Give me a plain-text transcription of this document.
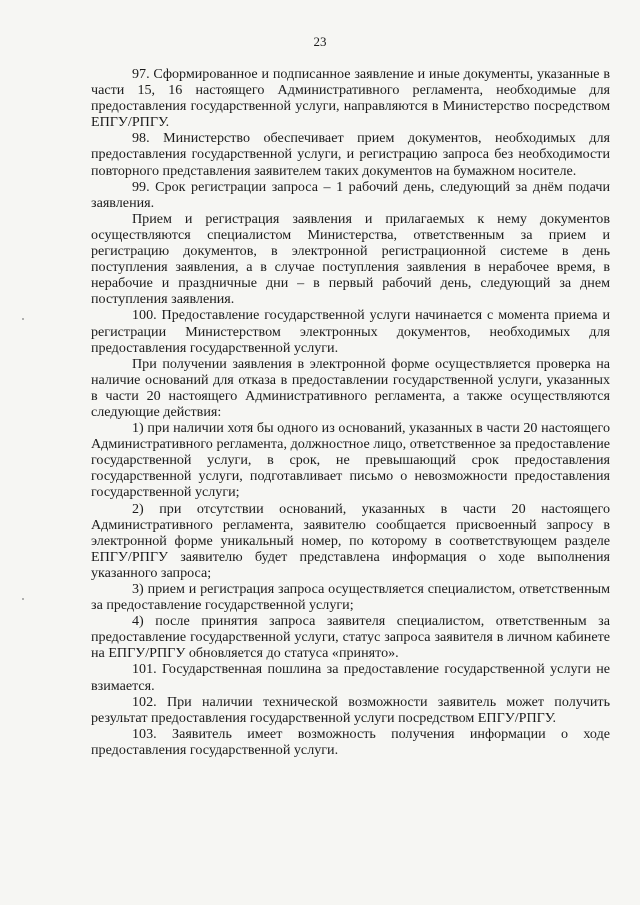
23

97. Сформированное и подписанное заявление и иные документы, указанные в части 15, 16 настоящего Административного регламента, необходимые для предоставления государственной услуги, направляются в Министерство посредством ЕПГУ/РПГУ.

98. Министерство обеспечивает прием документов, необходимых для предоставления государственной услуги, и регистрацию запроса без необходимости повторного представления заявителем таких документов на бумажном носителе.

99. Срок регистрации запроса – 1 рабочий день, следующий за днём подачи заявления.

Прием и регистрация заявления и прилагаемых к нему документов осуществляются специалистом Министерства, ответственным за прием и регистрацию документов, в электронной регистрационной системе в день поступления заявления, а в случае поступления заявления в нерабочее время, в нерабочие и праздничные дни – в первый рабочий день, следующий за днем поступления заявления.

100. Предоставление государственной услуги начинается с момента приема и регистрации Министерством электронных документов, необходимых для предоставления государственной услуги.

При получении заявления в электронной форме осуществляется проверка на наличие оснований для отказа в предоставлении государственной услуги, указанных в части 20 настоящего Административного регламента, а также осуществляются следующие действия:

1) при наличии хотя бы одного из оснований, указанных в части 20 настоящего Административного регламента, должностное лицо, ответственное за предоставление государственной услуги, в срок, не превышающий срок предоставления государственной услуги, подготавливает письмо о невозможности предоставления государственной услуги;

2) при отсутствии оснований, указанных в части 20 настоящего Административного регламента, заявителю сообщается присвоенный запросу в электронной форме уникальный номер, по которому в соответствующем разделе ЕПГУ/РПГУ заявителю будет представлена информация о ходе выполнения указанного запроса;

3) прием и регистрация запроса осуществляется специалистом, ответственным за предоставление государственной услуги;

4) после принятия запроса заявителя специалистом, ответственным за предоставление государственной услуги, статус запроса заявителя в личном кабинете на ЕПГУ/РПГУ обновляется до статуса «принято».

101. Государственная пошлина за предоставление государственной услуги не взимается.

102. При наличии технической возможности заявитель может получить результат предоставления государственной услуги посредством ЕПГУ/РПГУ.

103. Заявитель имеет возможность получения информации о ходе предоставления государственной услуги.
